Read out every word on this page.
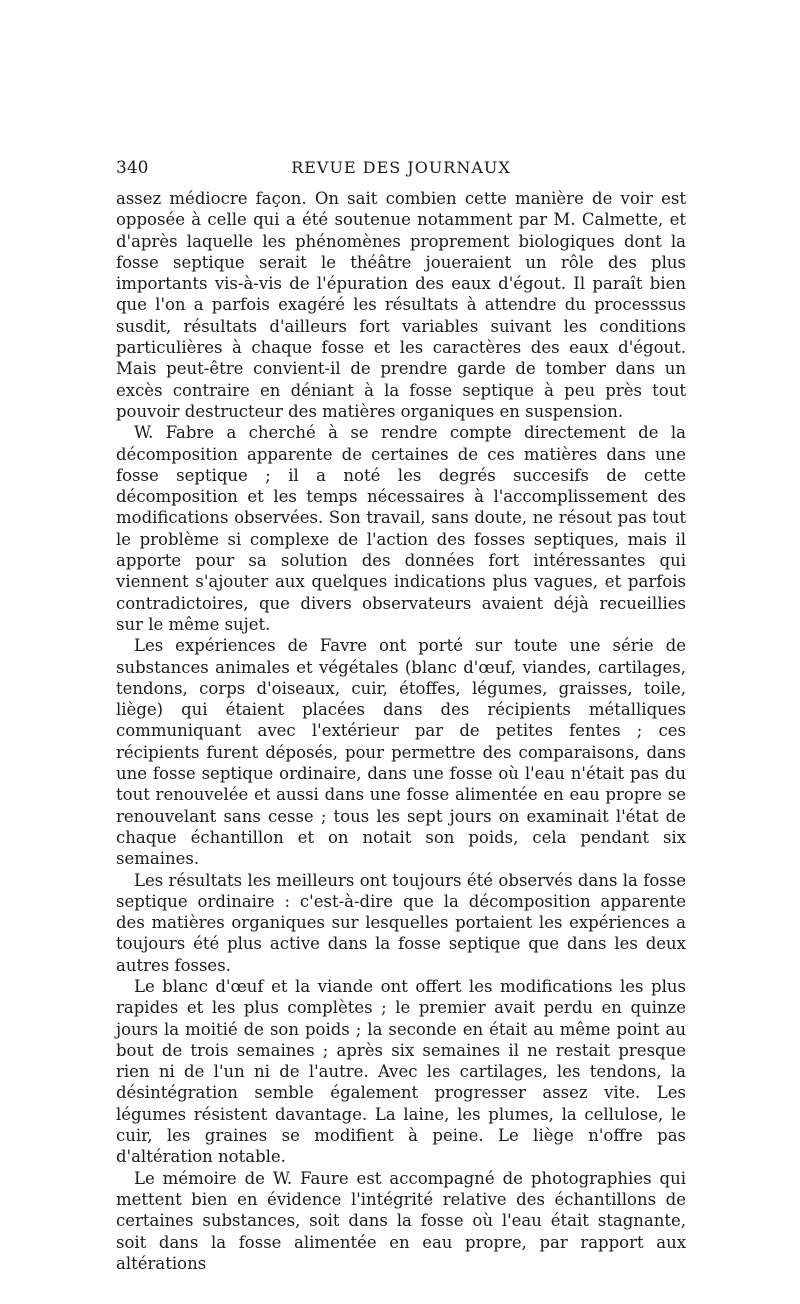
340	REVUE DES JOURNAUX

assez médiocre façon. On sait combien cette manière de voir est opposée à celle qui a été soutenue notamment par M. Calmette, et d'après laquelle les phénomènes proprement biologiques dont la fosse septique serait le théâtre joueraient un rôle des plus importants vis-à-vis de l'épuration des eaux d'égout. Il paraît bien que l'on a parfois exagéré les résultats à attendre du processsus susdit, résultats d'ailleurs fort variables suivant les conditions particulières à chaque fosse et les caractères des eaux d'égout. Mais peut-être convient-il de prendre garde de tomber dans un excès contraire en déniant à la fosse septique à peu près tout pouvoir destructeur des matières organiques en suspension.

W. Fabre a cherché à se rendre compte directement de la décomposition apparente de certaines de ces matières dans une fosse septique ; il a noté les degrés succesifs de cette décomposition et les temps nécessaires à l'accomplissement des modifications observées. Son travail, sans doute, ne résout pas tout le problème si complexe de l'action des fosses septiques, mais il apporte pour sa solution des données fort intéressantes qui viennent s'ajouter aux quelques indications plus vagues, et parfois contradictoires, que divers observateurs avaient déjà recueillies sur le même sujet.

Les expériences de Favre ont porté sur toute une série de substances animales et végétales (blanc d'œuf, viandes, cartilages, tendons, corps d'oiseaux, cuir, étoffes, légumes, graisses, toile, liège) qui étaient placées dans des récipients métalliques communiquant avec l'extérieur par de petites fentes ; ces récipients furent déposés, pour permettre des comparaisons, dans une fosse septique ordinaire, dans une fosse où l'eau n'était pas du tout renouvelée et aussi dans une fosse alimentée en eau propre se renouvelant sans cesse ; tous les sept jours on examinait l'état de chaque échantillon et on notait son poids, cela pendant six semaines.

Les résultats les meilleurs ont toujours été observés dans la fosse septique ordinaire : c'est-à-dire que la décomposition apparente des matières organiques sur lesquelles portaient les expériences a toujours été plus active dans la fosse septique que dans les deux autres fosses.

Le blanc d'œuf et la viande ont offert les modifications les plus rapides et les plus complètes ; le premier avait perdu en quinze jours la moitié de son poids ; la seconde en était au même point au bout de trois semaines ; après six semaines il ne restait presque rien ni de l'un ni de l'autre. Avec les cartilages, les tendons, la désintégration semble également progresser assez vite. Les légumes résistent davantage. La laine, les plumes, la cellulose, le cuir, les graines se modifient à peine. Le liège n'offre pas d'altération notable.

Le mémoire de W. Faure est accompagné de photographies qui mettent bien en évidence l'intégrité relative des échantillons de certaines substances, soit dans la fosse où l'eau était stagnante, soit dans la fosse alimentée en eau propre, par rapport aux altérations
